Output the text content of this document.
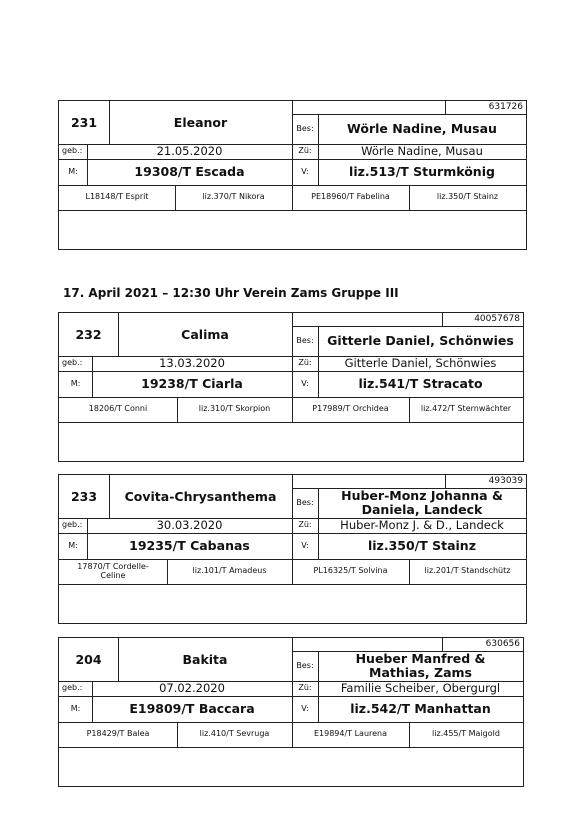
17. April 2021 – 12:30 Uhr Verein Zams Gruppe III
231	Eleanor
631726
Bes:	Wörle Nadine, Musau
geb.:	21.05.2020	Zü:	Wörle Nadine, Musau
M:	19308/T Escada	V:	liz.513/T Sturmkönig
L18148/T Esprit	liz.370/T Nikora	PE18960/T Fabelina	liz.350/T Stainz
232	Calima
40057678
Bes:	Gitterle Daniel, Schönwies
geb.:	13.03.2020	Zü:	Gitterle Daniel, Schönwies
M:	19238/T Ciarla	V:	liz.541/T Stracato
18206/T Conni	liz.310/T Skorpion	P17989/T Orchidea	liz.472/T Sternwächter
233	Covita-Chrysanthema
493039
Bes:	Huber-Monz Johanna & Daniela, Landeck
geb.:	30.03.2020	Zü:	Huber-Monz J. & D., Landeck
M:	19235/T Cabanas	V:	liz.350/T Stainz
17870/T Cordelle-Celine	liz.101/T Amadeus	PL16325/T Solvina	liz.201/T Standschütz
204	Bakita
630656
Bes:	Hueber Manfred & Mathias, Zams
geb.:	07.02.2020	Zü:	Familie Scheiber, Obergurgl
M:	E19809/T Baccara	V:	liz.542/T Manhattan
P18429/T Balea	liz.410/T Sevruga	E19894/T Laurena	liz.455/T Maigold
